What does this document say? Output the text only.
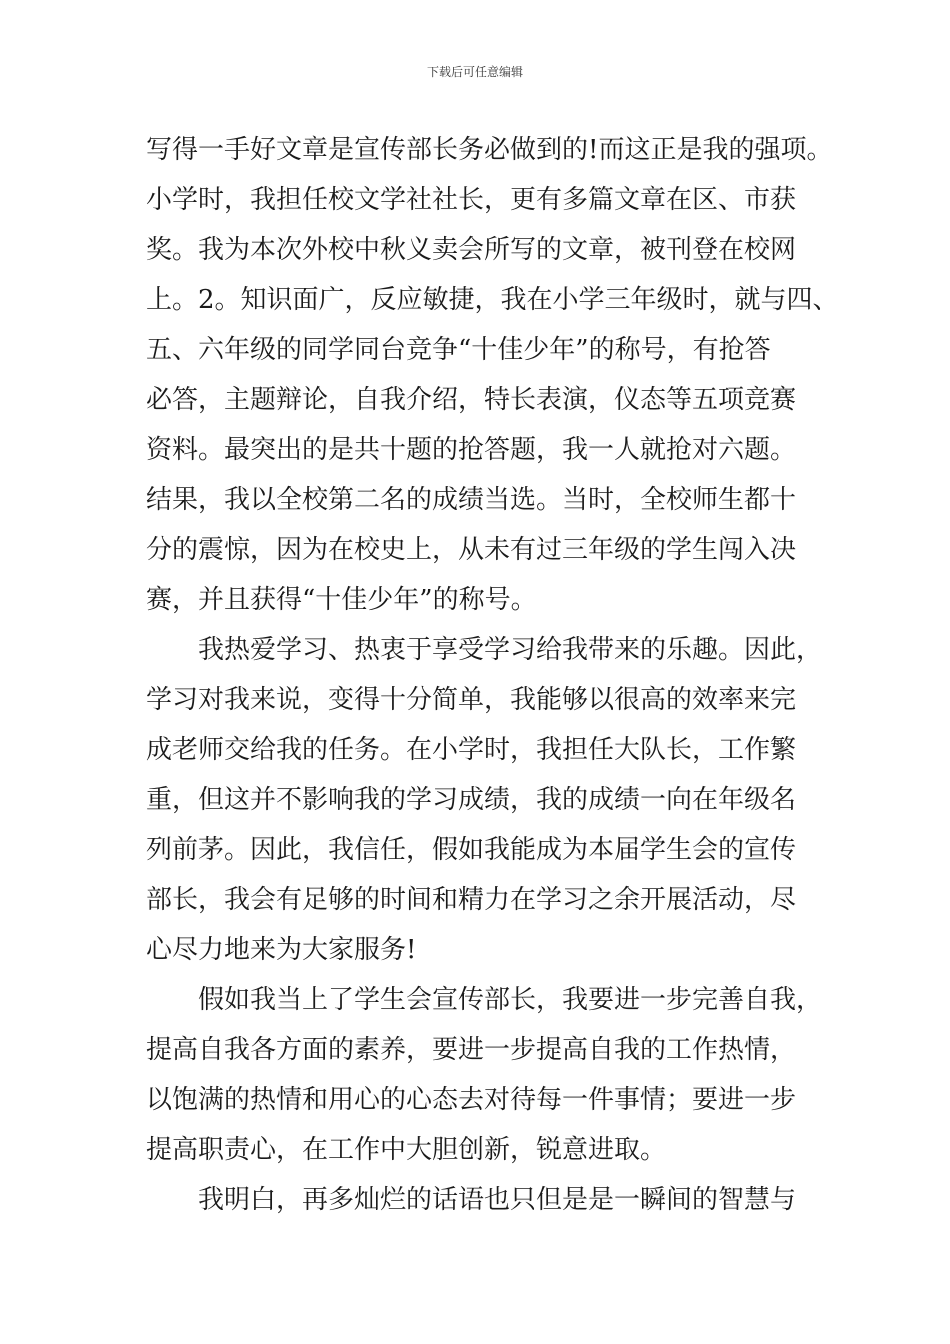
下载后可任意编辑
写得一手好文章是宣传部长务必做到的!而这正是我的强项。
小学时，我担任校文学社社长，更有多篇文章在区、市获
奖。我为本次外校中秋义卖会所写的文章，被刊登在校网
上。2。知识面广，反应敏捷，我在小学三年级时，就与四、
五、六年级的同学同台竞争“十佳少年”的称号，有抢答
必答，主题辩论，自我介绍，特长表演，仪态等五项竞赛
资料。最突出的是共十题的抢答题，我一人就抢对六题。
结果，我以全校第二名的成绩当选。当时，全校师生都十
分的震惊，因为在校史上，从未有过三年级的学生闯入决
赛，并且获得“十佳少年”的称号。
我热爱学习、热衷于享受学习给我带来的乐趣。因此，
学习对我来说，变得十分简单，我能够以很高的效率来完
成老师交给我的任务。在小学时，我担任大队长，工作繁
重，但这并不影响我的学习成绩，我的成绩一向在年级名
列前茅。因此，我信任，假如我能成为本届学生会的宣传
部长，我会有足够的时间和精力在学习之余开展活动，尽
心尽力地来为大家服务!
假如我当上了学生会宣传部长，我要进一步完善自我，
提高自我各方面的素养，要进一步提高自我的工作热情，
以饱满的热情和用心的心态去对待每一件事情；要进一步
提高职责心，在工作中大胆创新，锐意进取。
我明白，再多灿烂的话语也只但是是一瞬间的智慧与
